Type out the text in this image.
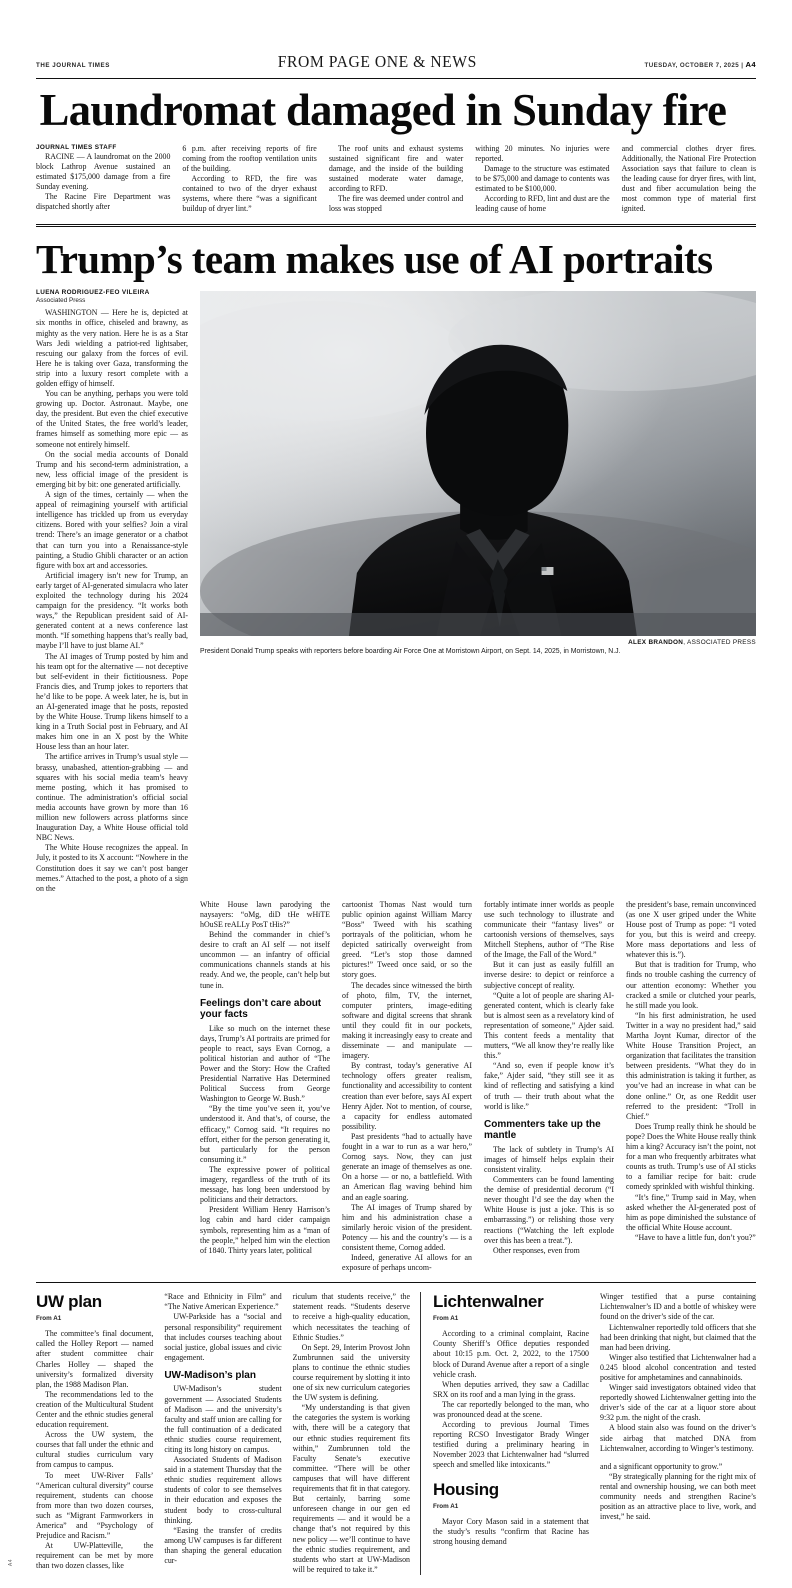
THE JOURNAL TIMES	FROM PAGE ONE & NEWS	TUESDAY, OCTOBER 7, 2025 | A4
Laundromat damaged in Sunday fire
JOURNAL TIMES STAFF

RACINE — A laundromat on the 2000 block Lathrop Avenue sustained an estimated $175,000 damage from a fire Sunday evening.

The Racine Fire Department was dispatched shortly after

6 p.m. after receiving reports of fire coming from the rooftop ventilation units of the building.

According to RFD, the fire was contained to two of the dryer exhaust systems, where there “was a significant buildup of dryer lint.”

The roof units and exhaust systems sustained significant fire and water damage, and the inside of the building sustained moderate water damage, according to RFD.

The fire was deemed under control and loss was stopped

withing 20 minutes. No injuries were reported.

Damage to the structure was estimated to be $75,000 and damage to contents was estimated to be $100,000.

According to RFD, lint and dust are the leading cause of home

and commercial clothes dryer fires. Additionally, the National Fire Protection Association says that failure to clean is the leading cause for dryer fires, with lint, dust and fiber accumulation being the most common type of material first ignited.

Trump’s team makes use of AI portraits
LUENA RODRIGUEZ-FEO VILEIRA
Associated Press

WASHINGTON — Here he is, depicted at six months in office, chiseled and brawny, as mighty as the very nation. Here he is as a Star Wars Jedi wielding a patriot-red lightsaber, rescuing our galaxy from the forces of evil. Here he is taking over Gaza, transforming the strip into a luxury resort complete with a golden effigy of himself.

You can be anything, perhaps you were told growing up. Doctor. Astronaut. Maybe, one day, the president. But even the chief executive of the United States, the free world’s leader, frames himself as something more epic — as someone not entirely himself.

On the social media accounts of Donald Trump and his second-term administration, a new, less official image of the president is emerging bit by bit: one generated artificially.

A sign of the times, certainly — when the appeal of reimagining yourself with artificial intelligence has trickled up from us everyday citizens. Bored with your selfies? Join a viral trend: There’s an image generator or a chatbot that can turn you into a Renaissance-style painting, a Studio Ghibli character or an action figure with box art and accessories.

Artificial imagery isn’t new for Trump, an early target of AI-generated simulacra who later exploited the technology during his 2024 campaign for the presidency. “It works both ways,” the Republican president said of AI-generated content at a news conference last month. “If something happens that’s really bad, maybe I’ll have to just blame AI.”

The AI images of Trump posted by him and his team opt for the alternative — not deceptive but self-evident in their fictitiousness. Pope Francis dies, and Trump jokes to reporters that he’d like to be pope. A week later, he is, but in an AI-generated image that he posts, reposted by the White House. Trump likens himself to a king in a Truth Social post in February, and AI makes him one in an X post by the White House less than an hour later.

The artifice arrives in Trump’s usual style — brassy, unabashed, attention-grabbing — and squares with his social media team’s heavy meme posting, which it has promised to continue. The administration’s official social media accounts have grown by more than 16 million new followers across platforms since Inauguration Day, a White House official told NBC News.

The White House recognizes the appeal. In July, it posted to its X account: “Nowhere in the Constitution does it say we can’t post banger memes.” Attached to the post, a photo of a sign on the

ALEX BRANDON, ASSOCIATED PRESS
President Donald Trump speaks with reporters before boarding Air Force One at Morristown Airport, on Sept. 14, 2025, in Morristown, N.J.

White House lawn parodying the naysayers: “oMg, diD tHe wHiTE hOuSE reALLy PosT tHis?”

Behind the commander in chief’s desire to craft an AI self — not itself uncommon — an infantry of official communications channels stands at his ready. And we, the people, can’t help but tune in.

Feelings don’t care about your facts

Like so much on the internet these days, Trump’s AI portraits are primed for people to react, says Evan Cornog, a political historian and author of “The Power and the Story: How the Crafted Presidential Narrative Has Determined Political Success from George Washington to George W. Bush.”

“By the time you’ve seen it, you’ve understood it. And that’s, of course, the efficacy,” Cornog said. “It requires no effort, either for the person generating it, but particularly for the person consuming it.”

The expressive power of political imagery, regardless of the truth of its message, has long been understood by politicians and their detractors.

President William Henry Harrison’s log cabin and hard cider campaign symbols, representing him as a “man of the people,” helped him win the election of 1840. Thirty years later, political

cartoonist Thomas Nast would turn public opinion against William Marcy “Boss” Tweed with his scathing portrayals of the politician, whom he depicted satirically overweight from greed. “Let’s stop those damned pictures!” Tweed once said, or so the story goes.

The decades since witnessed the birth of photo, film, TV, the internet, computer printers, image-editing software and digital screens that shrank until they could fit in our pockets, making it increasingly easy to create and disseminate — and manipulate — imagery.

By contrast, today’s generative AI technology offers greater realism, functionality and accessibility to content creation than ever before, says AI expert Henry Ajder. Not to mention, of course, a capacity for endless automated possibility.

Past presidents “had to actually have fought in a war to run as a war hero,” Cornog says. Now, they can just generate an image of themselves as one. On a horse — or no, a battlefield. With an American flag waving behind him and an eagle soaring.

The AI images of Trump shared by him and his administration chase a similarly heroic vision of the president. Potency — his and the country’s — is a consistent theme, Cornog added.

Indeed, generative AI allows for an exposure of perhaps uncom-

fortably intimate inner worlds as people use such technology to illustrate and communicate their “fantasy lives” or cartoonish versions of themselves, says Mitchell Stephens, author of “The Rise of the Image, the Fall of the Word.”

But it can just as easily fulfill an inverse desire: to depict or reinforce a subjective concept of reality.

“Quite a lot of people are sharing AI-generated content, which is clearly fake but is almost seen as a revelatory kind of representation of someone,” Ajder said. This content feeds a mentality that mutters, “We all know they’re really like this.”

“And so, even if people know it’s fake,” Ajder said, “they still see it as kind of reflecting and satisfying a kind of truth — their truth about what the world is like.”

Commenters take up the mantle

The lack of subtlety in Trump’s AI images of himself helps explain their consistent virality.

Commenters can be found lamenting the demise of presidential decorum (“I never thought I’d see the day when the White House is just a joke. This is so embarrassing.”) or relishing those very reactions (“Watching the left explode over this has been a treat.”).

Other responses, even from

the president’s base, remain unconvinced (as one X user griped under the White House post of Trump as pope: “I voted for you, but this is weird and creepy. More mass deportations and less of whatever this is.”).

But that is tradition for Trump, who finds no trouble cashing the currency of our attention economy: Whether you cracked a smile or clutched your pearls, he still made you look.

“In his first administration, he used Twitter in a way no president had,” said Martha Joynt Kumar, director of the White House Transition Project, an organization that facilitates the transition between presidents. “What they do in this administration is taking it further, as you’ve had an increase in what can be done online.” Or, as one Reddit user referred to the president: “Troll in Chief.”

Does Trump really think he should be pope? Does the White House really think him a king? Accuracy isn’t the point, not for a man who frequently arbitrates what counts as truth. Trump’s use of AI sticks to a familiar recipe for bait: crude comedy sprinkled with wishful thinking.

“It’s fine,” Trump said in May, when asked whether the AI-generated post of him as pope diminished the substance of the official White House account.

“Have to have a little fun, don’t you?”

UW plan
From A1

The committee’s final document, called the Holley Report — named after student committee chair Charles Holley — shaped the university’s formalized diversity plan, the 1988 Madison Plan.

The recommendations led to the creation of the Multicultural Student Center and the ethnic studies general education requirement.

Across the UW system, the courses that fall under the ethnic and cultural studies curriculum vary from campus to campus.

To meet UW-River Falls’ “American cultural diversity” course requirement, students can choose from more than two dozen courses, such as “Migrant Farmworkers in America” and “Psychology of Prejudice and Racism.”

At UW-Platteville, the requirement can be met by more than two dozen classes, like

“Race and Ethnicity in Film” and “The Native American Experience.”

UW-Parkside has a “social and personal responsibility” requirement that includes courses teaching about social justice, global issues and civic engagement.

UW-Madison’s plan

UW-Madison’s student government — Associated Students of Madison — and the university’s faculty and staff union are calling for the full continuation of a dedicated ethnic studies course requirement, citing its long history on campus.

Associated Students of Madison said in a statement Thursday that the ethnic studies requirement allows students of color to see themselves in their education and exposes the student body to cross-cultural thinking.

“Easing the transfer of credits among UW campuses is far different than shaping the general education cur-

riculum that students receive,” the statement reads. “Students deserve to receive a high-quality education, which necessitates the teaching of Ethnic Studies.”

On Sept. 29, Interim Provost John Zumbrunnen said the university plans to continue the ethnic studies course requirement by slotting it into one of six new curriculum categories the UW system is defining.

“My understanding is that given the categories the system is working with, there will be a category that our ethnic studies requirement fits within,” Zumbrunnen told the Faculty Senate’s executive committee. “There will be other campuses that will have different requirements that fit in that category. But certainly, barring some unforeseen change in our gen ed requirements — and it would be a change that’s not required by this new policy — we’ll continue to have the ethnic studies requirement, and students who start at UW-Madison will be required to take it.”

Lichtenwalner
From A1

According to a criminal complaint, Racine County Sheriff’s Office deputies responded about 10:15 p.m. Oct. 2, 2022, to the 17500 block of Durand Avenue after a report of a single vehicle crash.

When deputies arrived, they saw a Cadillac SRX on its roof and a man lying in the grass.

The car reportedly belonged to the man, who was pronounced dead at the scene.

According to previous Journal Times reporting RCSO Investigator Brady Winger testified during a preliminary hearing in November 2023 that Lichtenwalner had “slurred speech and smelled like intoxicants.”

Housing
From A1

Mayor Cory Mason said in a statement that the study’s results “confirm that Racine has strong housing demand

Winger testified that a purse containing Lichtenwalner’s ID and a bottle of whiskey were found on the driver’s side of the car.

Lichtenwalner reportedly told officers that she had been drinking that night, but claimed that the man had been driving.

Winger also testified that Lichtenwalner had a 0.245 blood alcohol concentration and tested positive for amphetamines and cannabinoids.

Winger said investigators obtained video that reportedly showed Lichtenwalner getting into the driver’s side of the car at a liquor store about 9:32 p.m. the night of the crash.

A blood stain also was found on the driver’s side airbag that matched DNA from Lichtenwalner, according to Winger’s testimony.

and a significant opportunity to grow.”

“By strategically planning for the right mix of rental and ownership housing, we can both meet community needs and strengthen Racine’s position as an attractive place to live, work, and invest,” he said.

A4
